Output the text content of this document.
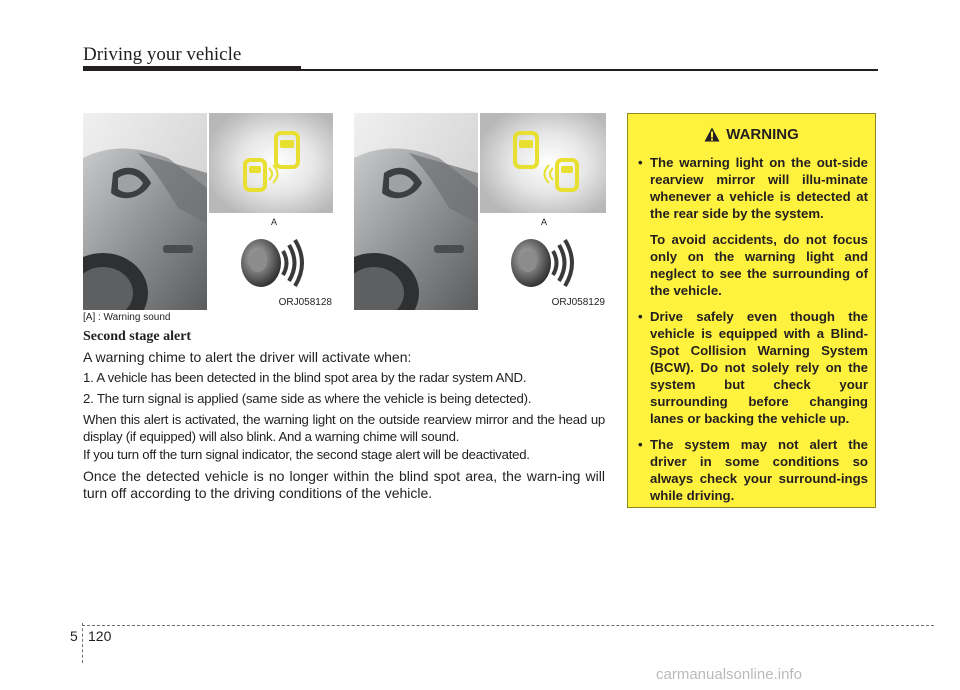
Driving your vehicle
A
ORJ058128
A
ORJ058129
[A] : Warning sound
Second stage alert
A warning chime to alert the driver will activate when:
1. A vehicle has been detected in the blind spot area by the radar system AND.
2. The turn signal is applied (same side as where the vehicle is being detected).
When this alert is activated, the warning light on the outside rearview mirror and the head up display (if equipped) will also blink. And a warning chime will sound.
If you turn off the turn signal indicator, the second stage alert will be deactivated.
Once the detected vehicle is no longer within the blind spot area, the warn-ing will turn off according to the driving conditions of the vehicle.
WARNING
• The warning light on the out-side rearview mirror will illu-minate whenever a vehicle is detected at the rear side by the system.
To avoid accidents, do not focus only on the warning light and neglect to see the surrounding of the vehicle.
• Drive safely even though the vehicle is equipped with a Blind-Spot Collision Warning System (BCW). Do not solely rely on the system but check your surrounding before changing lanes or backing the vehicle up.
• The system may not alert the driver in some conditions so always check your surround-ings while driving.
5 120
carmanualsonline.info
